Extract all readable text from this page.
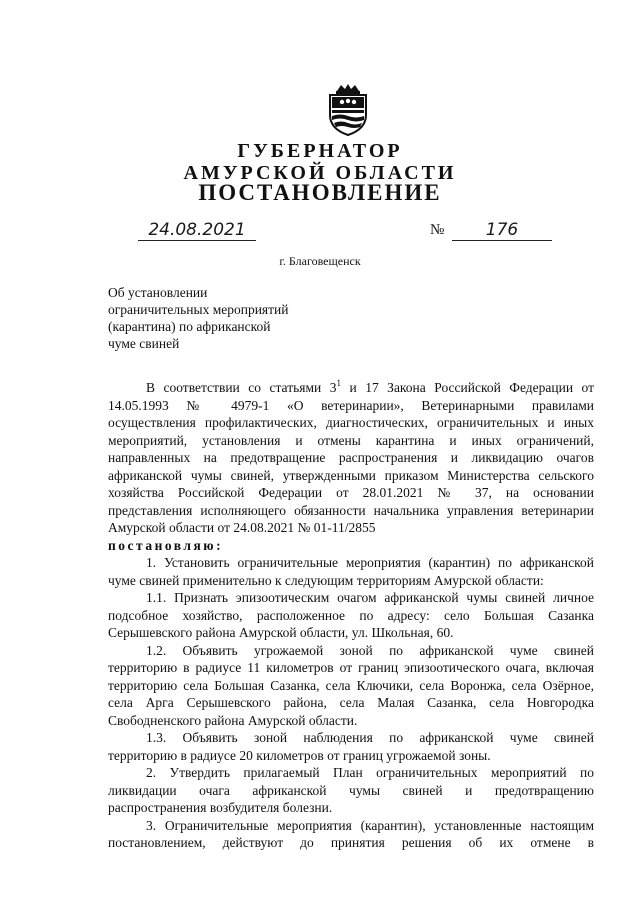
ГУБЕРНАТОР
АМУРСКОЙ ОБЛАСТИ
ПОСТАНОВЛЕНИЕ
24.08.2021	№	176
г. Благовещенск
Об установлении
ограничительных мероприятий
(карантина) по африканской
чуме свиней
В соответствии со статьями $3^1$ и 17 Закона Российской Федерации от
14.05.1993 № 4979-1 «О ветеринарии», Ветеринарными правилами
осуществления профилактических, диагностических, ограничительных и иных
мероприятий, установления и отмены карантина и иных ограничений,
направленных на предотвращение распространения и ликвидацию очагов
африканской чумы свиней, утвержденными приказом Министерства сельского
хозяйства Российской Федерации от 28.01.2021 № 37, на основании
представления исполняющего обязанности начальника управления ветеринарии
Амурской области от 24.08.2021 № 01-11/2855
постановляю:
1. Установить ограничительные мероприятия (карантин) по африканской
чуме свиней применительно к следующим территориям Амурской области:
1.1. Признать эпизоотическим очагом африканской чумы свиней личное
подсобное хозяйство, расположенное по адресу: село Большая Сазанка
Серышевского района Амурской области, ул. Школьная, 60.
1.2. Объявить угрожаемой зоной по африканской чуме свиней
территорию в радиусе 11 километров от границ эпизоотического очага, включая
территорию села Большая Сазанка, села Ключики, села Воронжа, села Озёрное,
села Арга Серышевского района, села Малая Сазанка, села Новгородка
Свободненского района Амурской области.
1.3. Объявить зоной наблюдения по африканской чуме свиней
территорию в радиусе 20 километров от границ угрожаемой зоны.
2. Утвердить прилагаемый План ограничительных мероприятий по
ликвидации очага африканской чумы свиней и предотвращению
распространения возбудителя болезни.
3. Ограничительные мероприятия (карантин), установленные настоящим
постановлением, действуют до принятия решения об их отмене в
